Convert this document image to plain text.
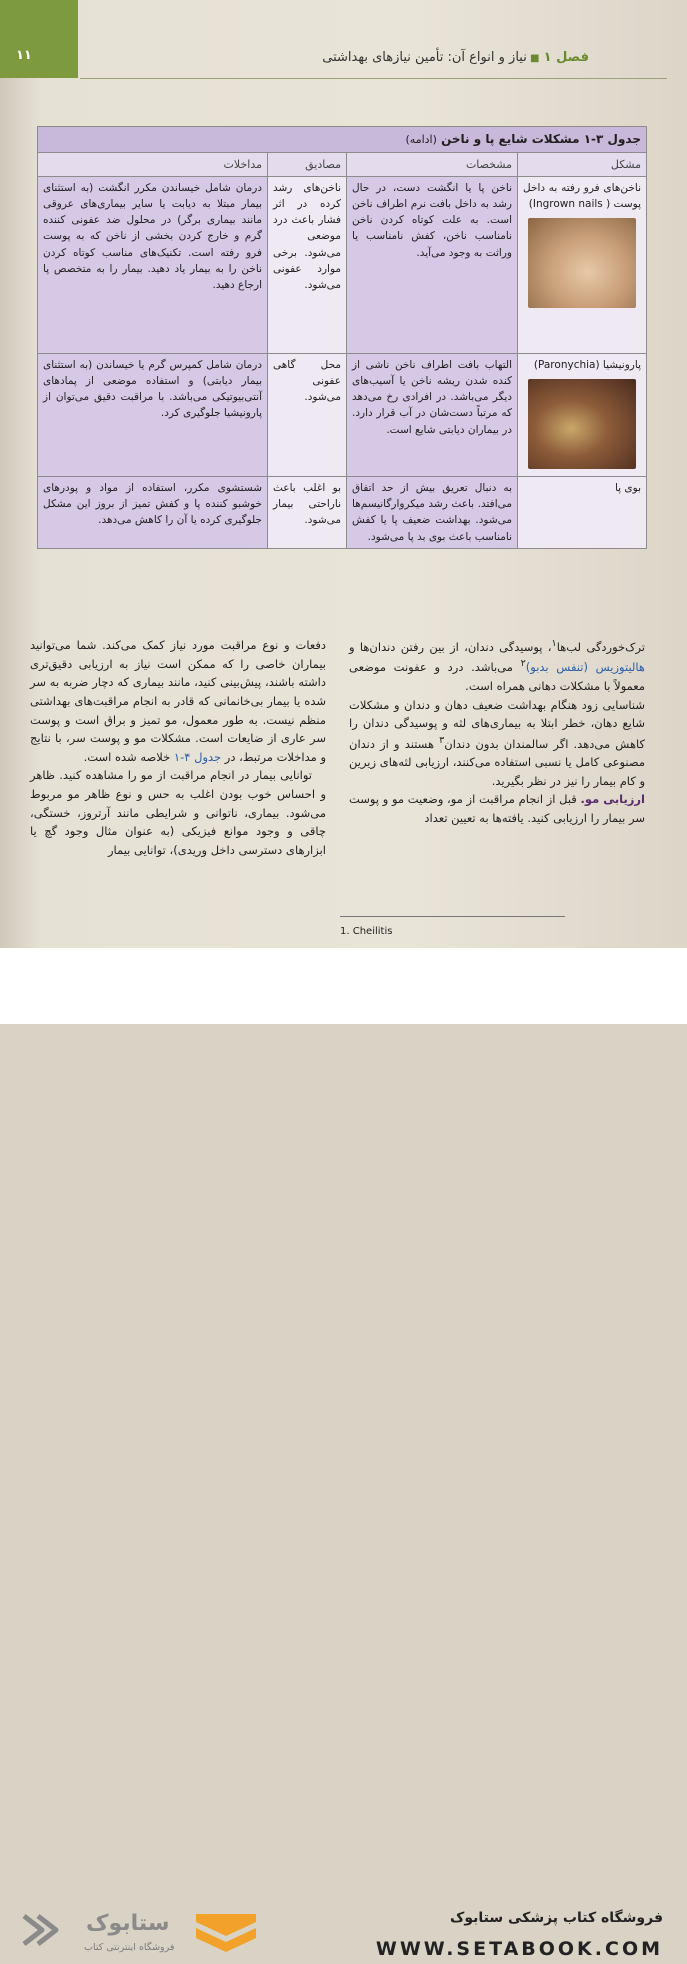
۱۱	فصل ۱ ■ نیاز و انواع آن: تأمین نیازهای بهداشتی
جدول ۳-۱ مشکلات شایع پا و ناخن (ادامه)			
مشکل	مشخصات	مصادیق	مداخلات

ناخن‌های فرو رفته به داخل پوست ( Ingrown nails)	ناخن پا یا انگشت دست، در حال رشد به داخل بافت نرم اطراف ناخن است. به علت کوتاه کردن ناخن نامناسب ناخن، کفش نامناسب یا وراثت به وجود می‌آید.	ناخن‌های رشد کرده در اثر فشار باعث درد موضعی می‌شود. برخی موارد عفونی می‌شود.	درمان شامل خیساندن مکرر انگشت (به استثنای بیمار مبتلا به دیابت یا سایر بیماری‌های عروقی مانند بیماری برگر) در محلول ضد عفونی کننده گرم و خارج کردن بخشی از ناخن که به پوست فرو رفته است. تکنیک‌های مناسب کوتاه کردن ناخن را به بیمار یاد دهید. بیمار را به متخصص پا ارجاع دهید.

پارونیشیا (Paronychia)	التهاب بافت اطراف ناخن ناشی از کنده شدن ریشه ناخن یا آسیب‌های دیگر می‌باشد. در افرادی رخ می‌دهد که مرتباً دست‌شان در آب قرار دارد. در بیماران دیابتی شایع است.	محل گاهی عفونی می‌شود.	درمان شامل کمپرس گرم یا خیساندن (به استثنای بیمار دیابتی) و استفاده موضعی از پمادهای آنتی‌بیوتیکی می‌باشد. با مراقبت دقیق می‌توان از پارونیشیا جلوگیری کرد.
بوی پا	به دنبال تعریق بیش از حد اتفاق می‌افتد. باعث رشد میکروارگانیسم‌ها می‌شود. بهداشت ضعیف پا یا کفش نامناسب باعث بوی بد پا می‌شود.	بو اغلب باعث ناراحتی بیمار می‌شود.	شستشوی مکرر، استفاده از مواد و پودرهای خوشبو کننده پا و کفش تمیز از بروز این مشکل جلوگیری کرده یا آن را کاهش می‌دهد.

ترک‌خوردگی لب‌ها$^۱$، پوسیدگی دندان، از بین رفتن دندان‌ها و هالیتوزیس (تنفس بدبو)$^۲$ می‌باشد. درد و عفونت موضعی معمولاً با مشکلات دهانی همراه است.

شناسایی زود هنگام بهداشت ضعیف دهان و دندان و مشکلات شایع دهان، خطر ابتلا به بیماری‌های لثه و پوسیدگی دندان را کاهش می‌دهد. اگر سالمندان بدون دندان$^۳$ هستند و از دندان مصنوعی کامل یا نسبی استفاده می‌کنند، ارزیابی لثه‌های زیرین و کام بیمار را نیز در نظر بگیرید.

ارزیابی مو. قبل از انجام مراقبت از مو، وضعیت مو و پوست سر بیمار را ارزیابی کنید. یافته‌ها به تعیین تعداد

دفعات و نوع مراقبت مورد نیاز کمک می‌کند. شما می‌توانید بیماران خاصی را که ممکن است نیاز به ارزیابی دقیق‌تری داشته باشند، پیش‌بینی کنید، مانند بیماری که دچار ضربه به سر شده یا بیمار بی‌خانمانی که قادر به انجام مراقبت‌های بهداشتی منظم نیست. به طور معمول، مو تمیز و براق است و پوست سر عاری از ضایعات است. مشکلات مو و پوست سر، با نتایج و مداخلات مرتبط، در جدول ۴-۱ خلاصه شده است.

توانایی بیمار در انجام مراقبت از مو را مشاهده کنید. ظاهر و احساس خوب بودن اغلب به حس و نوع ظاهر مو مربوط می‌شود. بیماری، ناتوانی و شرایطی مانند آرتروز، خستگی، چاقی و وجود موانع فیزیکی (به عنوان مثال وجود گچ یا ابزارهای دسترسی داخل وریدی)، توانایی بیمار

1. Cheilitis
ستابوک
فروشگاه اینترنتی کتاب
فروشگاه کتاب پزشکی ستابوک
WWW.SETABOOK.COM
